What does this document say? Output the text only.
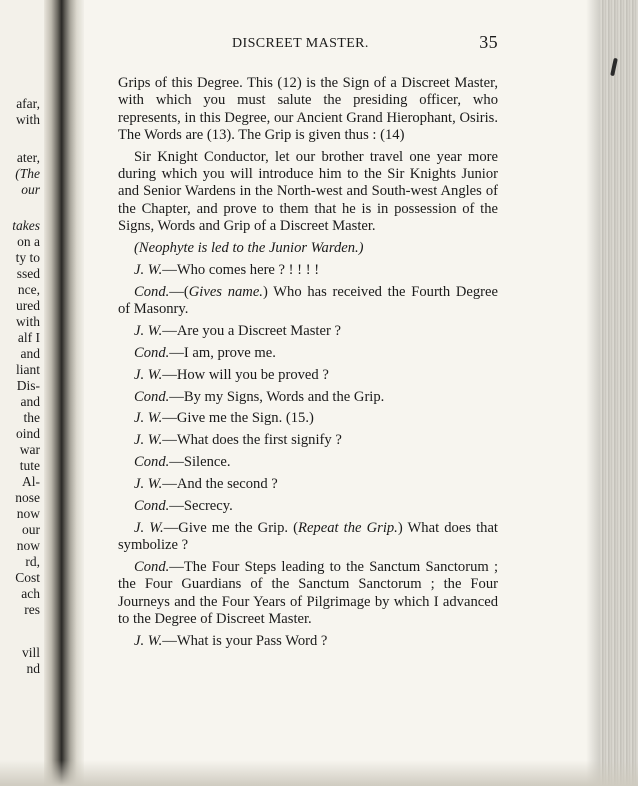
afar,
with
ater,
(The
our
takes
on a
ty to
ssed
nce,
ured
with
alf I
and
liant
Dis-
and
the
oind
war
tute
Al-
nose
now
our
now
rd,
Cost
ach
res
vill
nd
DISCREET MASTER.	35

Grips of this Degree. This (12) is the Sign of a Discreet Master, with which you must salute the presiding officer, who represents, in this Degree, our Ancient Grand Hierophant, Osiris. The Words are (13). The Grip is given thus : (14)

Sir Knight Conductor, let our brother travel one year more during which you will introduce him to the Sir Knights Junior and Senior Wardens in the North-west and South-west Angles of the Chapter, and prove to them that he is in possession of the Signs, Words and Grip of a Discreet Master.

(Neophyte is led to the Junior Warden.)

J. W.—Who comes here ? ! ! ! !

Cond.—(Gives name.) Who has received the Fourth Degree of Masonry.

J. W.—Are you a Discreet Master ?

Cond.—I am, prove me.

J. W.—How will you be proved ?

Cond.—By my Signs, Words and the Grip.

J. W.—Give me the Sign. (15.)

J. W.—What does the first signify ?

Cond.—Silence.

J. W.—And the second ?

Cond.—Secrecy.

J. W.—Give me the Grip. (Repeat the Grip.) What does that symbolize ?

Cond.—The Four Steps leading to the Sanctum Sanctorum ; the Four Guardians of the Sanctum Sanctorum ; the Four Journeys and the Four Years of Pilgrimage by which I advanced to the Degree of Discreet Master.

J. W.—What is your Pass Word ?
